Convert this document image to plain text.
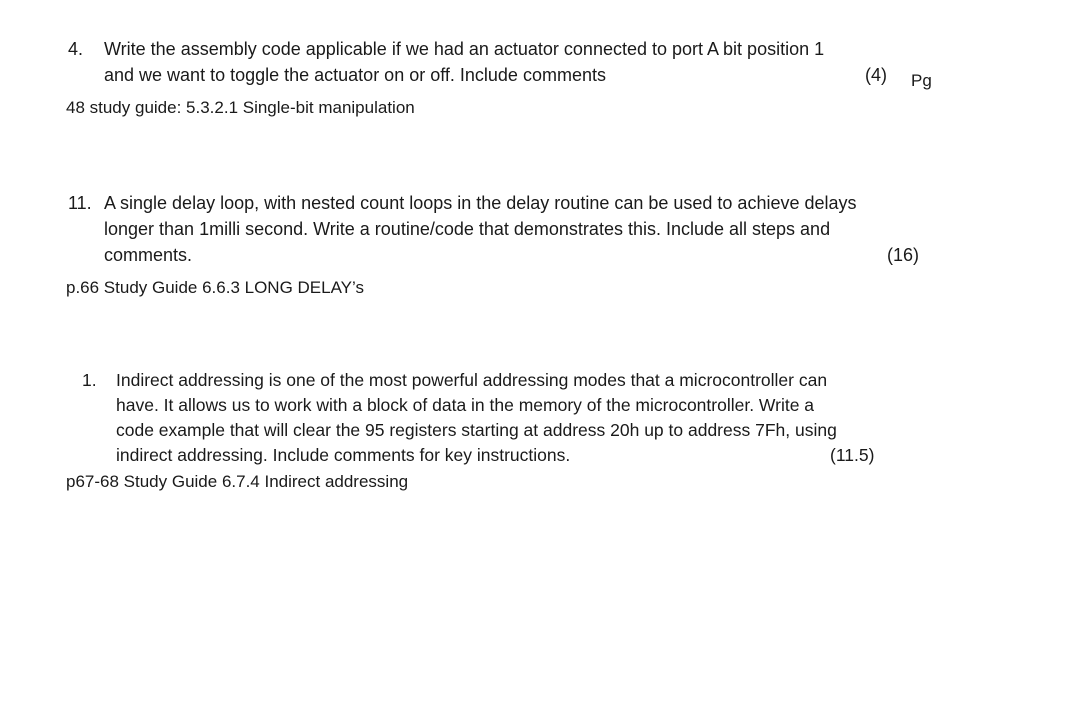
4. Write the assembly code applicable if we had an actuator connected to port A bit position 1
and we want to toggle the actuator on or off. Include comments	(4) Pg
48 study guide: 5.3.2.1 Single-bit manipulation
11. A single delay loop, with nested count loops in the delay routine can be used to achieve delays
longer than 1milli second. Write a routine/code that demonstrates this. Include all steps and
comments.	(16)
p.66 Study Guide 6.6.3 LONG DELAY’s
1. Indirect addressing is one of the most powerful addressing modes that a microcontroller can
have. It allows us to work with a block of data in the memory of the microcontroller. Write a
code example that will clear the 95 registers starting at address 20h up to address 7Fh, using
indirect addressing. Include comments for key instructions.	(11.5)
p67-68 Study Guide 6.7.4 Indirect addressing
